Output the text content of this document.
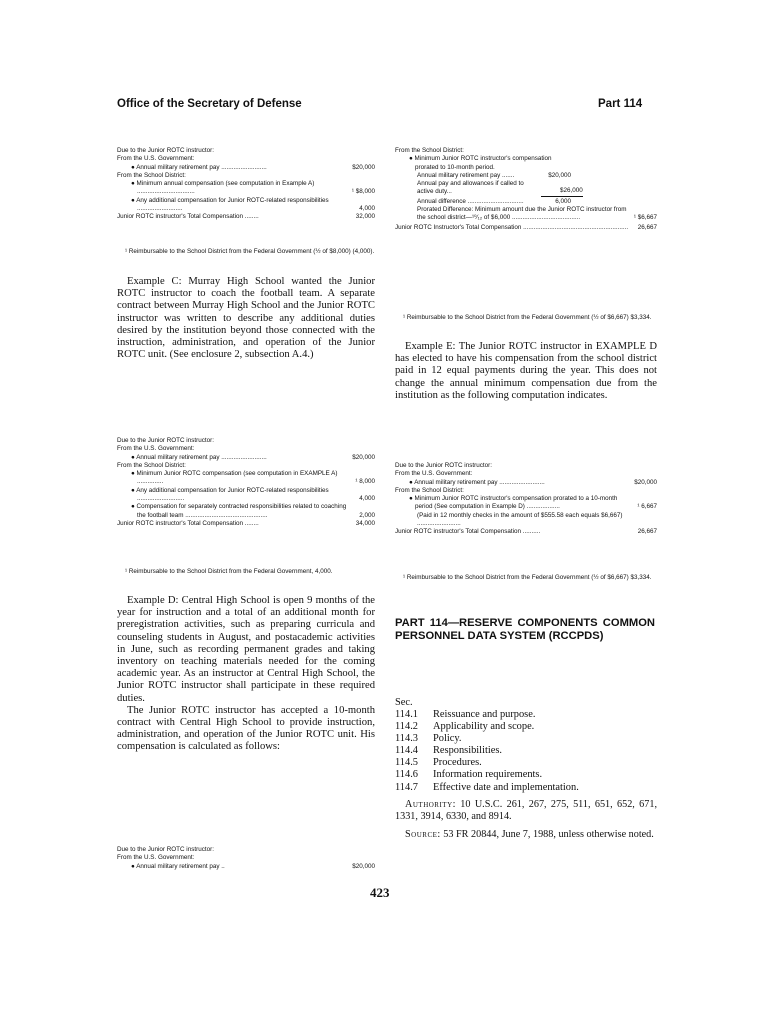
Office of the Secretary of Defense	Part 114
Due to the Junior ROTC instructor:
From the U.S. Government:
● Annual military retirement pay ..........................	$20,000
From the School District:
● Minimum annual compensation (see computation in Example A) .................................	¹ $8,000
● Any additional compensation for Junior ROTC-related responsibilities ..........................	4,000
Junior ROTC instructor's Total Compensation ........	32,000
¹ Reimbursable to the School District from the Federal Government (½ of $8,000) (4,000).

Example C: Murray High School wanted the Junior ROTC instructor to coach the football team. A separate contract between Murray High School and the Junior ROTC instructor was written to describe any additional duties desired by the institution beyond those connected with the instruction, administration, and operation of the Junior ROTC unit. (See enclosure 2, subsection A.4.)

Due to the Junior ROTC instructor:
From the U.S. Government:
● Annual military retirement pay ..........................	$20,000
From the School District:
● Minimum Junior ROTC compensation (see computation in EXAMPLE A) ...............	¹ 8,000
● Any additional compensation for Junior ROTC-related responsibilities ...........................	4,000
● Compensation for separately contracted responsibilities related to coaching the football team ...............................................	2,000
Junior ROTC instructor's Total Compensation ........	34,000
¹ Reimbursable to the School District from the Federal Government, 4,000.

Example D: Central High School is open 9 months of the year for instruction and a total of an additional month for preregistration activities, such as preparing curricula and counseling students in August, and postacademic activities in June, such as recording permanent grades and taking inventory on teaching materials needed for the coming academic year. As an instructor at Central High School, the Junior ROTC instructor shall participate in these required duties.

The Junior ROTC instructor has accepted a 10-month contract with Central High School to provide instruction, administration, and operation of the Junior ROTC unit. His compensation is calculated as follows:

Due to the Junior ROTC instructor:
From the U.S. Government:
● Annual military retirement pay ..	$20,000
From the School District:
● Minimum Junior ROTC instructor's compensation prorated to 10-month period.
Annual military retirement pay .......	$20,000
Annual pay and allowances if called to active duty...	$26,000
Annual difference ................................	6,000
Prorated Difference: Minimum amount due the Junior ROTC instructor from the school district—¹⁰⁄₁₂ of $6,000 .......................................	¹ $6,667
Junior ROTC Instructor's Total Compensation ............................................................	26,667
¹ Reimbursable to the School District from the Federal Government (½ of $6,667) $3,334.

Example E: The Junior ROTC instructor in EXAMPLE D has elected to have his compensation from the school district paid in 12 equal payments during the year. This does not change the annual minimum compensation due from the institution as the following computation indicates.

Due to the Junior ROTC instructor:
From the U.S. Government:
● Annual military retirement pay ..........................	$20,000
From the School District:
● Minimum Junior ROTC instructor's compensation prorated to a 10-month period (See computation in Example D) ...................	¹ 6,667
(Paid in 12 monthly checks in the amount of $555.58 each equals $6,667) .........................
Junior ROTC instructor's Total Compensation ..........	26,667
¹ Reimbursable to the School District from the Federal Government (½ of $6,667) $3,334.
PART 114—RESERVE COMPONENTS COMMON PERSONNEL DATA SYSTEM (RCCPDS)
Sec.
114.1	Reissuance and purpose.
114.2	Applicability and scope.
114.3	Policy.
114.4	Responsibilities.
114.5	Procedures.
114.6	Information requirements.
114.7	Effective date and implementation.
Authority: 10 U.S.C. 261, 267, 275, 511, 651, 652, 671, 1331, 3914, 6330, and 8914.
Source: 53 FR 20844, June 7, 1988, unless otherwise noted.
423
